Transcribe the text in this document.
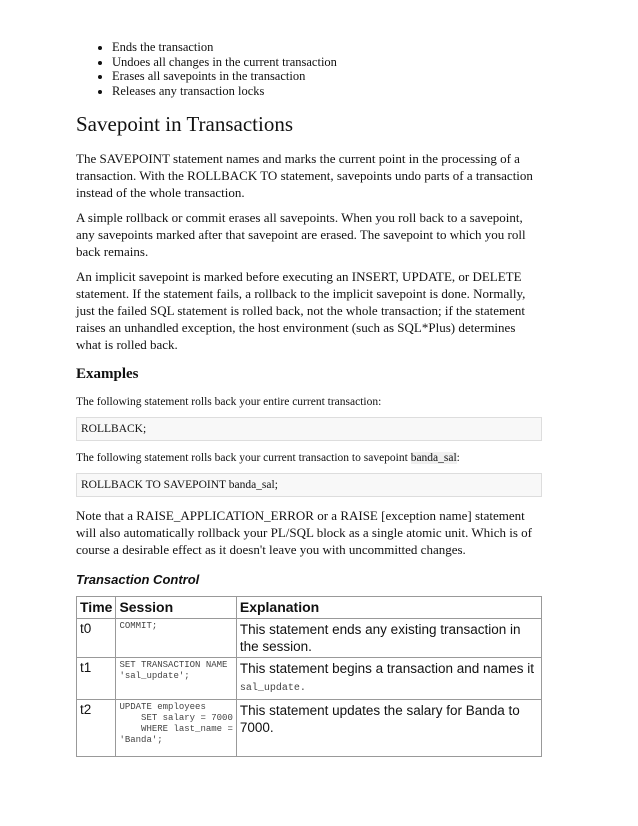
• Ends the transaction
• Undoes all changes in the current transaction
• Erases all savepoints in the transaction
• Releases any transaction locks
Savepoint in Transactions

The SAVEPOINT statement names and marks the current point in the processing of a transaction. With the ROLLBACK TO statement, savepoints undo parts of a transaction instead of the whole transaction.

A simple rollback or commit erases all savepoints. When you roll back to a savepoint, any savepoints marked after that savepoint are erased. The savepoint to which you roll back remains.

An implicit savepoint is marked before executing an INSERT, UPDATE, or DELETE statement. If the statement fails, a rollback to the implicit savepoint is done. Normally, just the failed SQL statement is rolled back, not the whole transaction; if the statement raises an unhandled exception, the host environment (such as SQL*Plus) determines what is rolled back.

Examples

The following statement rolls back your entire current transaction:

ROLLBACK;

The following statement rolls back your current transaction to savepoint banda_sal:

ROLLBACK TO SAVEPOINT banda_sal;

Note that a RAISE_APPLICATION_ERROR or a RAISE [exception name] statement will also automatically rollback your PL/SQL block as a single atomic unit. Which is of course a desirable effect as it doesn't leave you with uncommitted changes.

Transaction Control
Time	Session	Explanation
t0	COMMIT;	This statement ends any existing transaction in the session.
t1	SET TRANSACTION NAME
'sal_update';	This statement begins a transaction and names it sal_update.
t2	UPDATE employees
SET salary = 7000
WHERE last_name =
'Banda';	This statement updates the salary for Banda to 7000.
